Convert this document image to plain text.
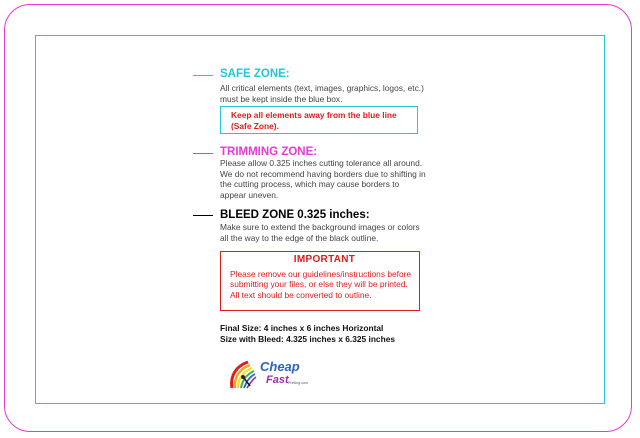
SAFE ZONE:
All critical elements (text, images, graphics, logos, etc.)
must be kept inside the blue box.
Keep all elements away from the blue line
(Safe Zone).
TRIMMING ZONE:
Please allow 0.325 inches cutting tolerance all around.
We do not recommend having borders due to shifting in
the cutting process, which may cause borders to
appear uneven.
BLEED ZONE 0.325 inches:
Make sure to extend the background images or colors
all the way to the edge of the black outline.
IMPORTANT
Please remove our guidelines/instructions before
submitting your files, or else they will be printed.
All text should be converted to outline.
Final Size: 4 inches x 6 inches Horizontal
Size with Bleed: 4.325 inches x 6.325 inches
Cheap
Fast Printing.com
